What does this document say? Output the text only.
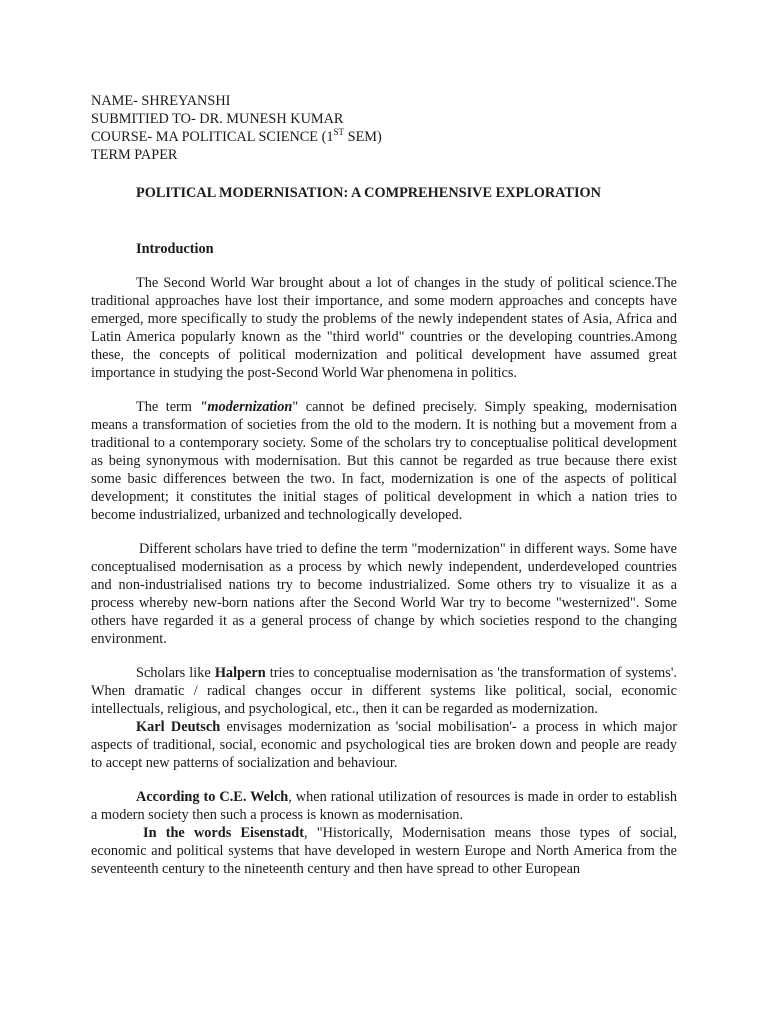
NAME- SHREYANSHI

SUBMITIED TO- DR. MUNESH KUMAR

COURSE- MA POLITICAL SCIENCE (1ST SEM)

TERM PAPER

POLITICAL MODERNISATION: A COMPREHENSIVE EXPLORATION

Introduction

The Second World War brought about a lot of changes in the study of political science.The traditional approaches have lost their importance, and some modern approaches and concepts have emerged, more specifically to study the problems of the newly independent states of Asia, Africa and Latin America popularly known as the "third world" countries or the developing countries.Among these, the concepts of political modernization and political development have assumed great importance in studying the post-Second World War phenomena in politics.

The term "modernization" cannot be defined precisely. Simply speaking, modernisation means a transformation of societies from the old to the modern. It is nothing but a movement from a traditional to a contemporary society. Some of the scholars try to conceptualise political development as being synonymous with modernisation. But this cannot be regarded as true because there exist some basic differences between the two. In fact, modernization is one of the aspects of political development; it constitutes the initial stages of political development in which a nation tries to become industrialized, urbanized and technologically developed.

Different scholars have tried to define the term "modernization" in different ways. Some have conceptualised modernisation as a process by which newly independent, underdeveloped countries and non-industrialised nations try to become industrialized. Some others try to visualize it as a process whereby new-born nations after the Second World War try to become "westernized". Some others have regarded it as a general process of change by which societies respond to the changing environment.

Scholars like Halpern tries to conceptualise modernisation as 'the transformation of systems'. When dramatic / radical changes occur in different systems like political, social, economic intellectuals, religious, and psychological, etc., then it can be regarded as modernization.

Karl Deutsch envisages modernization as 'social mobilisation'- a process in which major aspects of traditional, social, economic and psychological ties are broken down and people are ready to accept new patterns of socialization and behaviour.

According to C.E. Welch, when rational utilization of resources is made in order to establish a modern society then such a process is known as modernisation.

In the words Eisenstadt, "Historically, Modernisation means those types of social, economic and political systems that have developed in western Europe and North America from the seventeenth century to the nineteenth century and then have spread to other European
